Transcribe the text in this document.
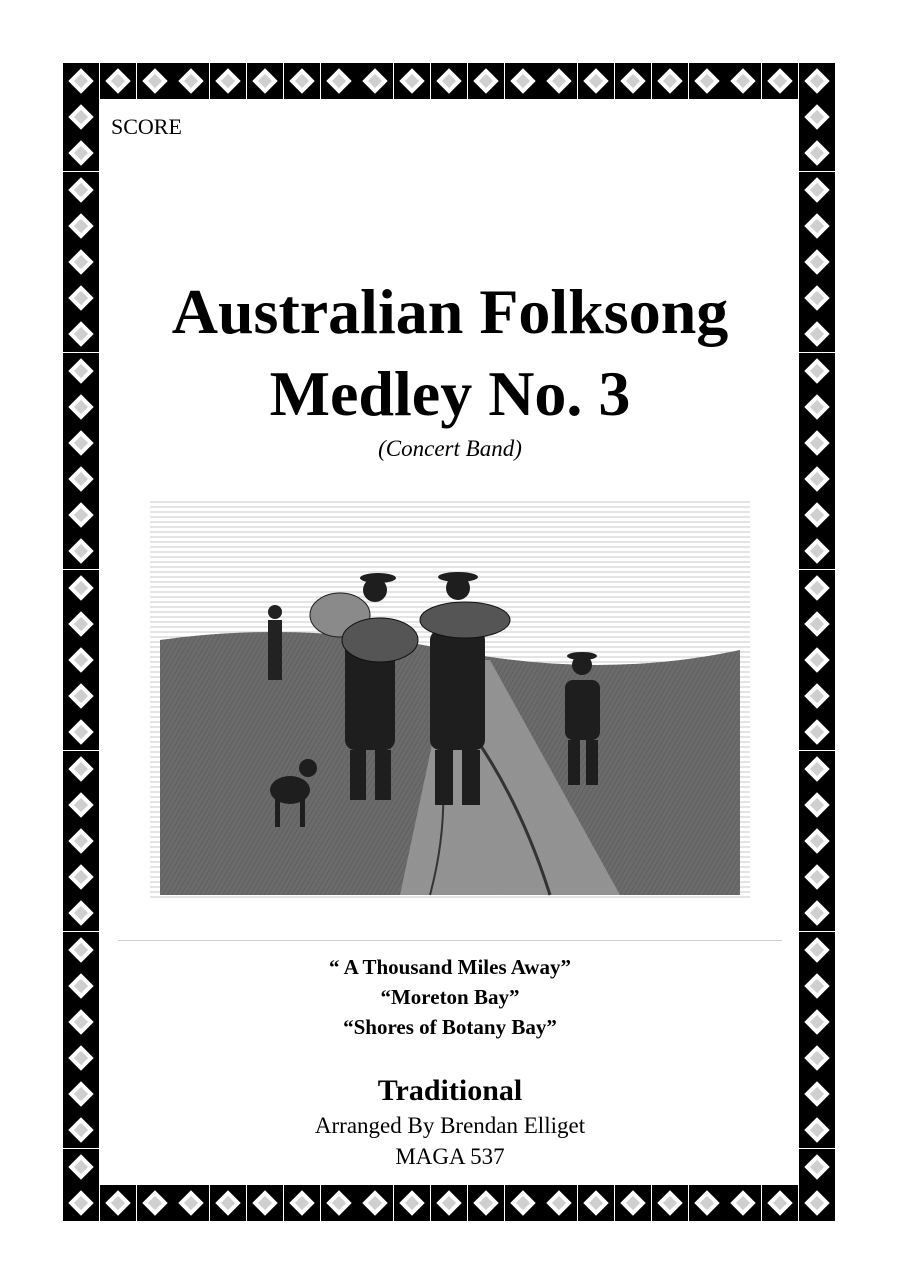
SCORE
Australian Folksong
Medley No. 3
(Concert Band)
“ A Thousand Miles Away”
“Moreton Bay”
“Shores of Botany Bay”
Traditional
Arranged By Brendan Elliget
MAGA 537
